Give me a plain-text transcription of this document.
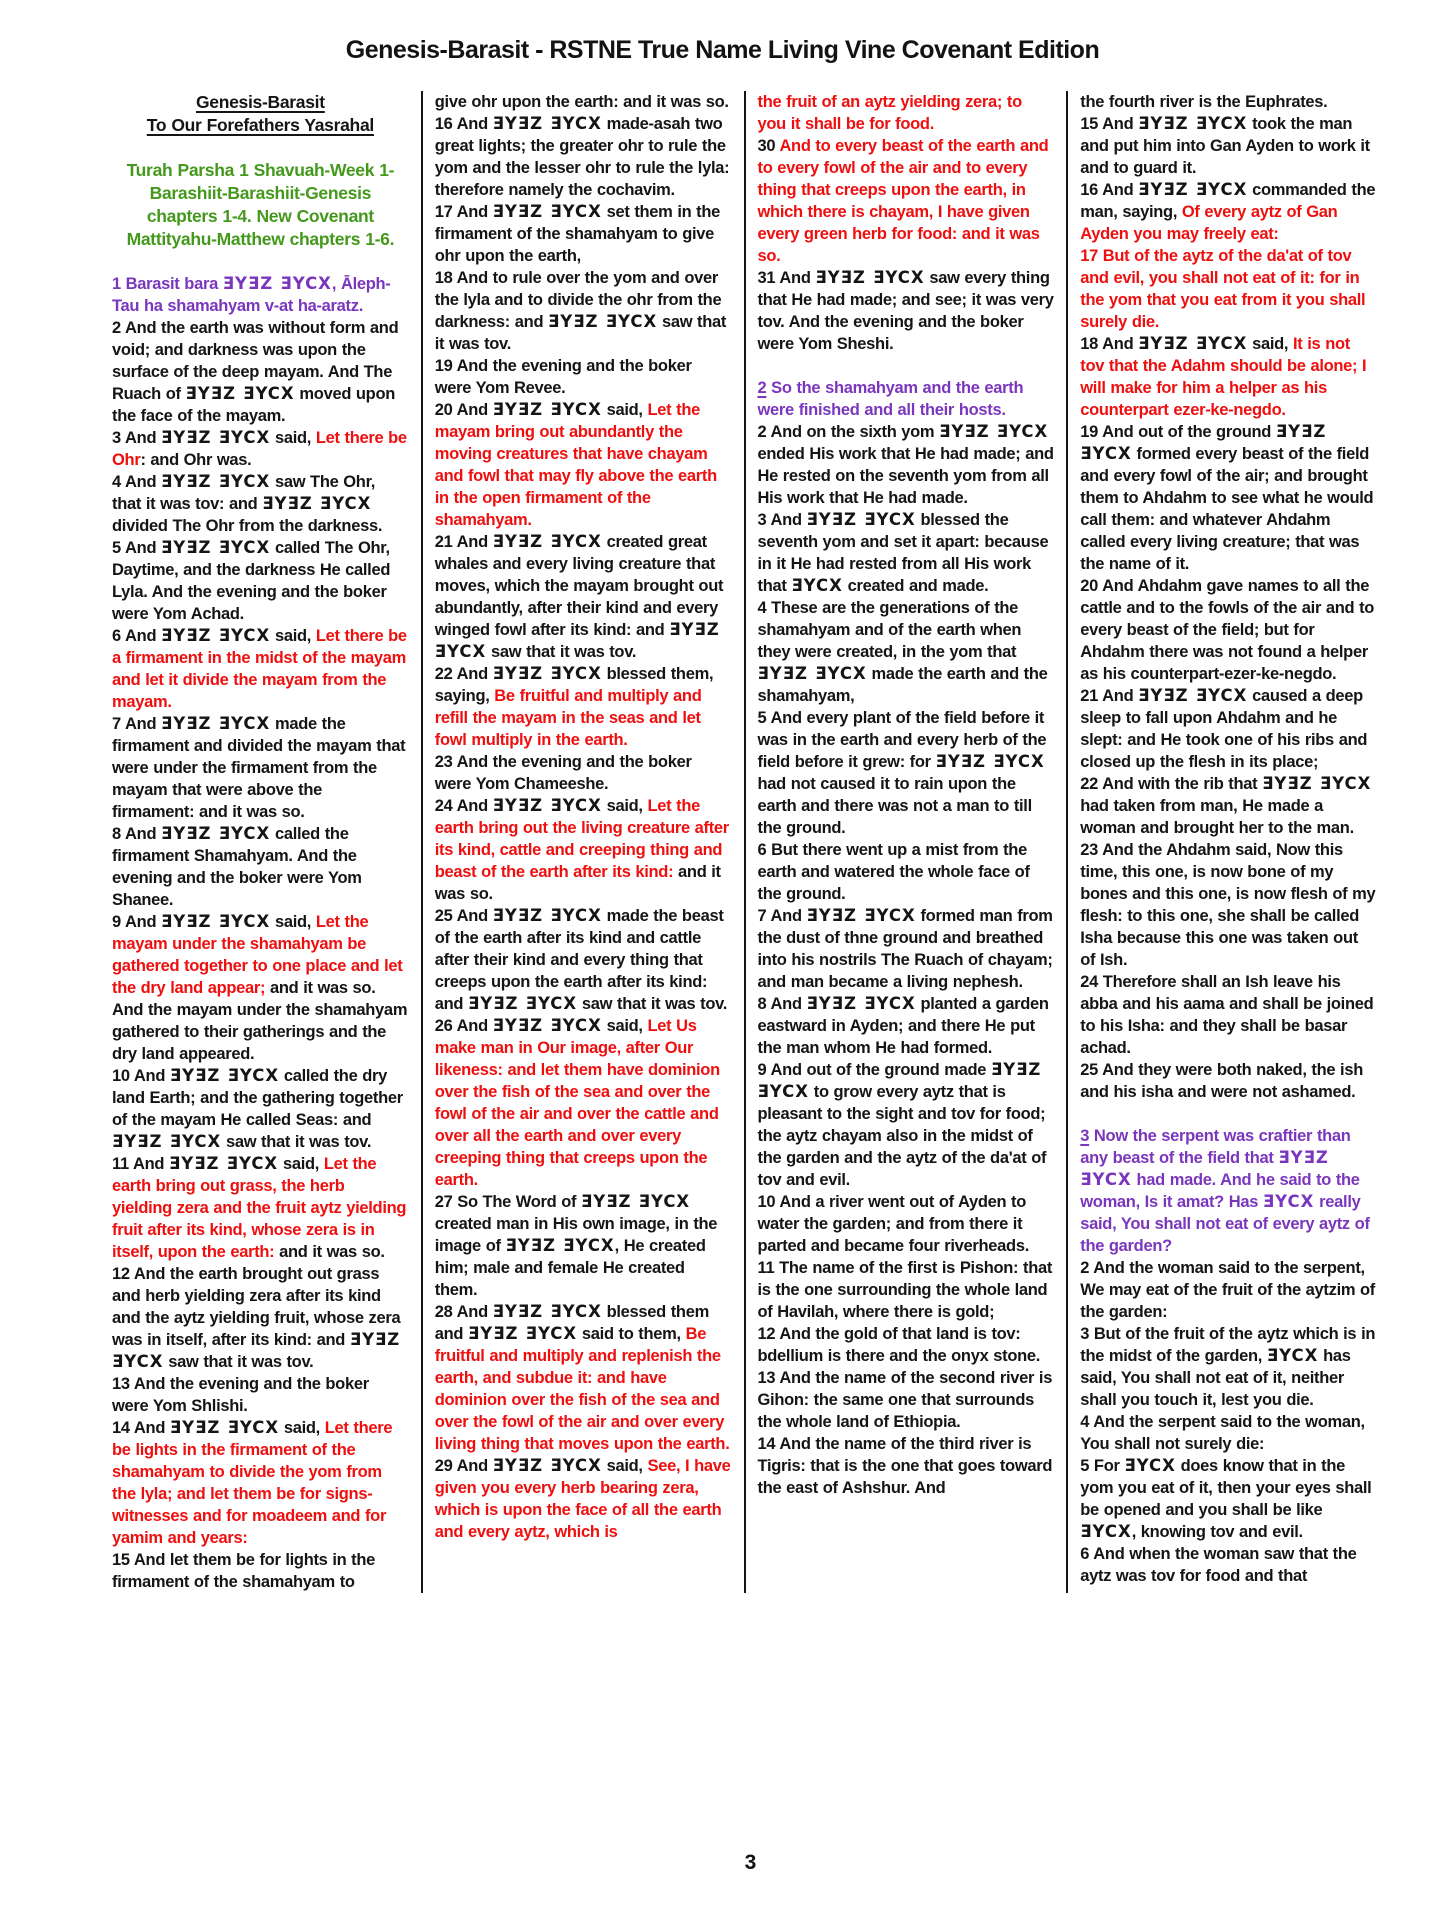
Genesis-Barasit - RSTNE True Name Living Vine Covenant Edition

Genesis-Barasit
To Our Forefathers Yasrahal

Turah Parsha 1 Shavuah-Week 1-
Barashiit-Barashiit-Genesis
chapters 1-4. New Covenant
Mattityahu-Matthew chapters 1-6.

1 Barasit bara ƎYƎZ ƎYCX, Āleph-Tau ha shamahyam v-at ha-aratz.

2 And the earth was without form and void; and darkness was upon the surface of the deep mayam. And The Ruach of ƎYƎZ ƎYCX moved upon the face of the mayam.

3 And ƎYƎZ ƎYCX said, Let there be Ohr: and Ohr was.

4 And ƎYƎZ ƎYCX saw The Ohr, that it was tov: and ƎYƎZ ƎYCX divided The Ohr from the darkness.

5 And ƎYƎZ ƎYCX called The Ohr, Daytime, and the darkness He called Lyla. And the evening and the boker were Yom Achad.

6 And ƎYƎZ ƎYCX said, Let there be a firmament in the midst of the mayam and let it divide the mayam from the mayam.

7 And ƎYƎZ ƎYCX made the firmament and divided the mayam that were under the firmament from the mayam that were above the firmament: and it was so.

8 And ƎYƎZ ƎYCX called the firmament Shamahyam. And the evening and the boker were Yom Shanee.

9 And ƎYƎZ ƎYCX said, Let the mayam under the shamahyam be gathered together to one place and let the dry land appear; and it was so. And the mayam under the shamahyam gathered to their gatherings and the dry land appeared.

10 And ƎYƎZ ƎYCX called the dry land Earth; and the gathering together of the mayam He called Seas: and ƎYƎZ ƎYCX saw that it was tov.

11 And ƎYƎZ ƎYCX said, Let the earth bring out grass, the herb yielding zera and the fruit aytz yielding fruit after its kind, whose zera is in itself, upon the earth: and it was so.

12 And the earth brought out grass and herb yielding zera after its kind and the aytz yielding fruit, whose zera was in itself, after its kind: and ƎYƎZ ƎYCX saw that it was tov.

13 And the evening and the boker were Yom Shlishi.

14 And ƎYƎZ ƎYCX said, Let there be lights in the firmament of the shamahyam to divide the yom from the lyla; and let them be for signs-witnesses and for moadeem and for yamim and years:

15 And let them be for lights in the firmament of the shamahyam to

give ohr upon the earth: and it was so.

16 And ƎYƎZ ƎYCX made-asah two great lights; the greater ohr to rule the yom and the lesser ohr to rule the lyla: therefore namely the cochavim.

17 And ƎYƎZ ƎYCX set them in the firmament of the shamahyam to give ohr upon the earth,

18 And to rule over the yom and over the lyla and to divide the ohr from the darkness: and ƎYƎZ ƎYCX saw that it was tov.

19 And the evening and the boker were Yom Revee.

20 And ƎYƎZ ƎYCX said, Let the mayam bring out abundantly the moving creatures that have chayam and fowl that may fly above the earth in the open firmament of the shamahyam.

21 And ƎYƎZ ƎYCX created great whales and every living creature that moves, which the mayam brought out abundantly, after their kind and every winged fowl after its kind: and ƎYƎZ ƎYCX saw that it was tov.

22 And ƎYƎZ ƎYCX blessed them, saying, Be fruitful and multiply and refill the mayam in the seas and let fowl multiply in the earth.

23 And the evening and the boker were Yom Chameeshe.

24 And ƎYƎZ ƎYCX said, Let the earth bring out the living creature after its kind, cattle and creeping thing and beast of the earth after its kind: and it was so.

25 And ƎYƎZ ƎYCX made the beast of the earth after its kind and cattle after their kind and every thing that creeps upon the earth after its kind: and ƎYƎZ ƎYCX saw that it was tov.

26 And ƎYƎZ ƎYCX said, Let Us make man in Our image, after Our likeness: and let them have dominion over the fish of the sea and over the fowl of the air and over the cattle and over all the earth and over every creeping thing that creeps upon the earth.

27 So The Word of ƎYƎZ ƎYCX created man in His own image, in the image of ƎYƎZ ƎYCX, He created him; male and female He created them.

28 And ƎYƎZ ƎYCX blessed them and ƎYƎZ ƎYCX said to them, Be fruitful and multiply and replenish the earth, and subdue it: and have dominion over the fish of the sea and over the fowl of the air and over every living thing that moves upon the earth.

29 And ƎYƎZ ƎYCX said, See, I have given you every herb bearing zera, which is upon the face of all the earth and every aytz, which is

the fruit of an aytz yielding zera; to you it shall be for food.

30 And to every beast of the earth and to every fowl of the air and to every thing that creeps upon the earth, in which there is chayam, I have given every green herb for food: and it was so.

31 And ƎYƎZ ƎYCX saw every thing that He had made; and see; it was very tov. And the evening and the boker were Yom Sheshi.

2 So the shamahyam and the earth were finished and all their hosts.

2 And on the sixth yom ƎYƎZ ƎYCX ended His work that He had made; and He rested on the seventh yom from all His work that He had made.

3 And ƎYƎZ ƎYCX blessed the seventh yom and set it apart: because in it He had rested from all His work that ƎYCX created and made.

4 These are the generations of the shamahyam and of the earth when they were created, in the yom that ƎYƎZ ƎYCX made the earth and the shamahyam,

5 And every plant of the field before it was in the earth and every herb of the field before it grew: for ƎYƎZ ƎYCX had not caused it to rain upon the earth and there was not a man to till the ground.

6 But there went up a mist from the earth and watered the whole face of the ground.

7 And ƎYƎZ ƎYCX formed man from the dust of thne ground and breathed into his nostrils The Ruach of chayam; and man became a living nephesh.

8 And ƎYƎZ ƎYCX planted a garden eastward in Ayden; and there He put the man whom He had formed.

9 And out of the ground made ƎYƎZ ƎYCX to grow every aytz that is pleasant to the sight and tov for food; the aytz chayam also in the midst of the garden and the aytz of the da'at of tov and evil.

10 And a river went out of Ayden to water the garden; and from there it parted and became four riverheads.

11 The name of the first is Pishon: that is the one surrounding the whole land of Havilah, where there is gold;

12 And the gold of that land is tov: bdellium is there and the onyx stone.

13 And the name of the second river is Gihon: the same one that surrounds the whole land of Ethiopia.

14 And the name of the third river is Tigris: that is the one that goes toward the east of Ashshur. And

the fourth river is the Euphrates.

15 And ƎYƎZ ƎYCX took the man and put him into Gan Ayden to work it and to guard it.

16 And ƎYƎZ ƎYCX commanded the man, saying, Of every aytz of Gan Ayden you may freely eat:

17 But of the aytz of the da'at of tov and evil, you shall not eat of it: for in the yom that you eat from it you shall surely die.

18 And ƎYƎZ ƎYCX said, It is not tov that the Adahm should be alone; I will make for him a helper as his counterpart ezer-ke-negdo.

19 And out of the ground ƎYƎZ ƎYCX formed every beast of the field and every fowl of the air; and brought them to Ahdahm to see what he would call them: and whatever Ahdahm called every living creature; that was the name of it.

20 And Ahdahm gave names to all the cattle and to the fowls of the air and to every beast of the field; but for Ahdahm there was not found a helper as his counterpart-ezer-ke-negdo.

21 And ƎYƎZ ƎYCX caused a deep sleep to fall upon Ahdahm and he slept: and He took one of his ribs and closed up the flesh in its place;

22 And with the rib that ƎYƎZ ƎYCX had taken from man, He made a woman and brought her to the man.

23 And the Ahdahm said, Now this time, this one, is now bone of my bones and this one, is now flesh of my flesh: to this one, she shall be called Isha because this one was taken out of Ish.

24 Therefore shall an Ish leave his abba and his aama and shall be joined to his Isha: and they shall be basar achad.

25 And they were both naked, the ish and his isha and were not ashamed.

3 Now the serpent was craftier than any beast of the field that ƎYƎZ ƎYCX had made. And he said to the woman, Is it amat? Has ƎYCX really said, You shall not eat of every aytz of the garden?

2 And the woman said to the serpent, We may eat of the fruit of the aytzim of the garden:

3 But of the fruit of the aytz which is in the midst of the garden, ƎYCX has said, You shall not eat of it, neither shall you touch it, lest you die.

4 And the serpent said to the woman, You shall not surely die:

5 For ƎYCX does know that in the yom you eat of it, then your eyes shall be opened and you shall be like ƎYCX, knowing tov and evil.

6 And when the woman saw that the aytz was tov for food and that

3
